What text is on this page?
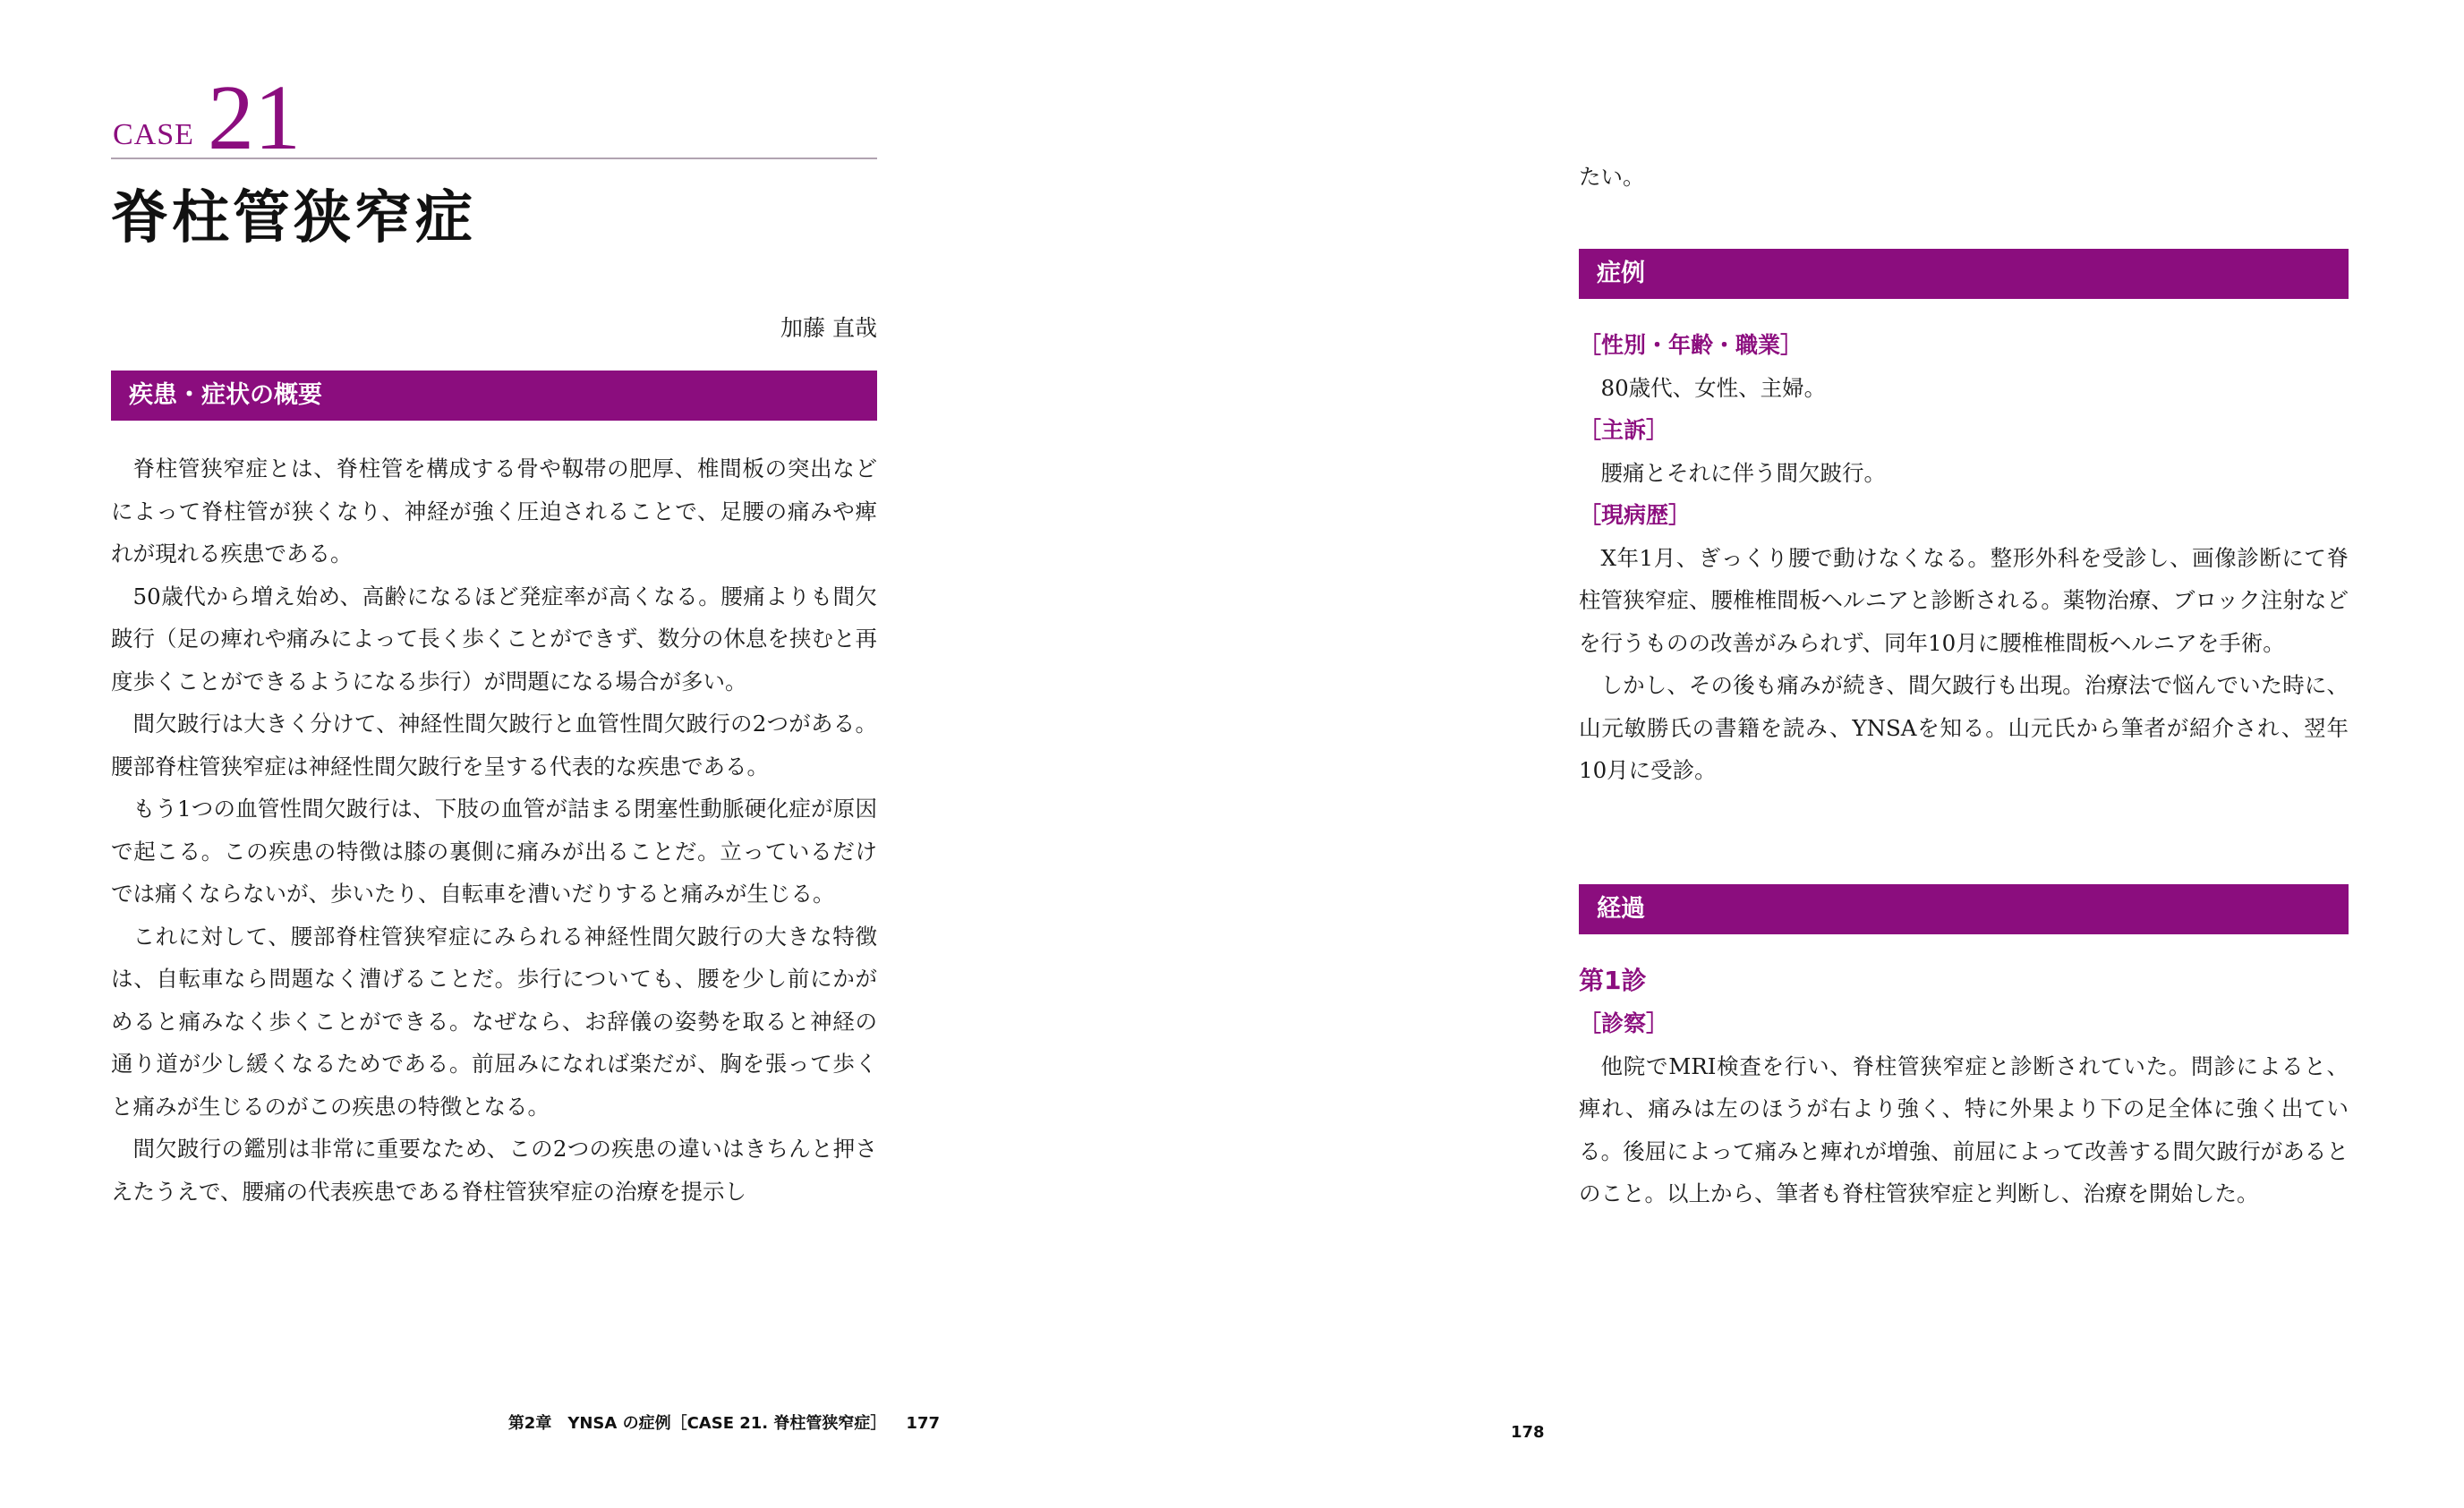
CASE 21
脊柱管狭窄症
加藤 直哉
疾患・症状の概要

脊柱管狭窄症とは、脊柱管を構成する骨や靱帯の肥厚、椎間板の突出などによって脊柱管が狭くなり、神経が強く圧迫されることで、足腰の痛みや痺れが現れる疾患である。

50歳代から増え始め、高齢になるほど発症率が高くなる。腰痛よりも間欠跛行（足の痺れや痛みによって長く歩くことができず、数分の休息を挟むと再度歩くことができるようになる歩行）が問題になる場合が多い。

間欠跛行は大きく分けて、神経性間欠跛行と血管性間欠跛行の2つがある。腰部脊柱管狭窄症は神経性間欠跛行を呈する代表的な疾患である。

もう1つの血管性間欠跛行は、下肢の血管が詰まる閉塞性動脈硬化症が原因で起こる。この疾患の特徴は膝の裏側に痛みが出ることだ。立っているだけでは痛くならないが、歩いたり、自転車を漕いだりすると痛みが生じる。

これに対して、腰部脊柱管狭窄症にみられる神経性間欠跛行の大きな特徴は、自転車なら問題なく漕げることだ。歩行についても、腰を少し前にかがめると痛みなく歩くことができる。なぜなら、お辞儀の姿勢を取ると神経の通り道が少し緩くなるためである。前屈みになれば楽だが、胸を張って歩くと痛みが生じるのがこの疾患の特徴となる。

間欠跛行の鑑別は非常に重要なため、この2つの疾患の違いはきちんと押さえたうえで、腰痛の代表疾患である脊柱管狭窄症の治療を提示し

第2章　YNSA の症例［CASE 21. 脊柱管狭窄症］ 177

たい。

症例

［性別・年齢・職業］

80歳代、女性、主婦。

［主訴］

腰痛とそれに伴う間欠跛行。

［現病歴］

X年1月、ぎっくり腰で動けなくなる。整形外科を受診し、画像診断にて脊柱管狭窄症、腰椎椎間板ヘルニアと診断される。薬物治療、ブロック注射などを行うものの改善がみられず、同年10月に腰椎椎間板ヘルニアを手術。

しかし、その後も痛みが続き、間欠跛行も出現。治療法で悩んでいた時に、山元敏勝氏の書籍を読み、YNSAを知る。山元氏から筆者が紹介され、翌年10月に受診。

経過

第1診

［診察］

他院でMRI検査を行い、脊柱管狭窄症と診断されていた。問診によると、痺れ、痛みは左のほうが右より強く、特に外果より下の足全体に強く出ている。後屈によって痛みと痺れが増強、前屈によって改善する間欠跛行があるとのこと。以上から、筆者も脊柱管狭窄症と判断し、治療を開始した。

178
